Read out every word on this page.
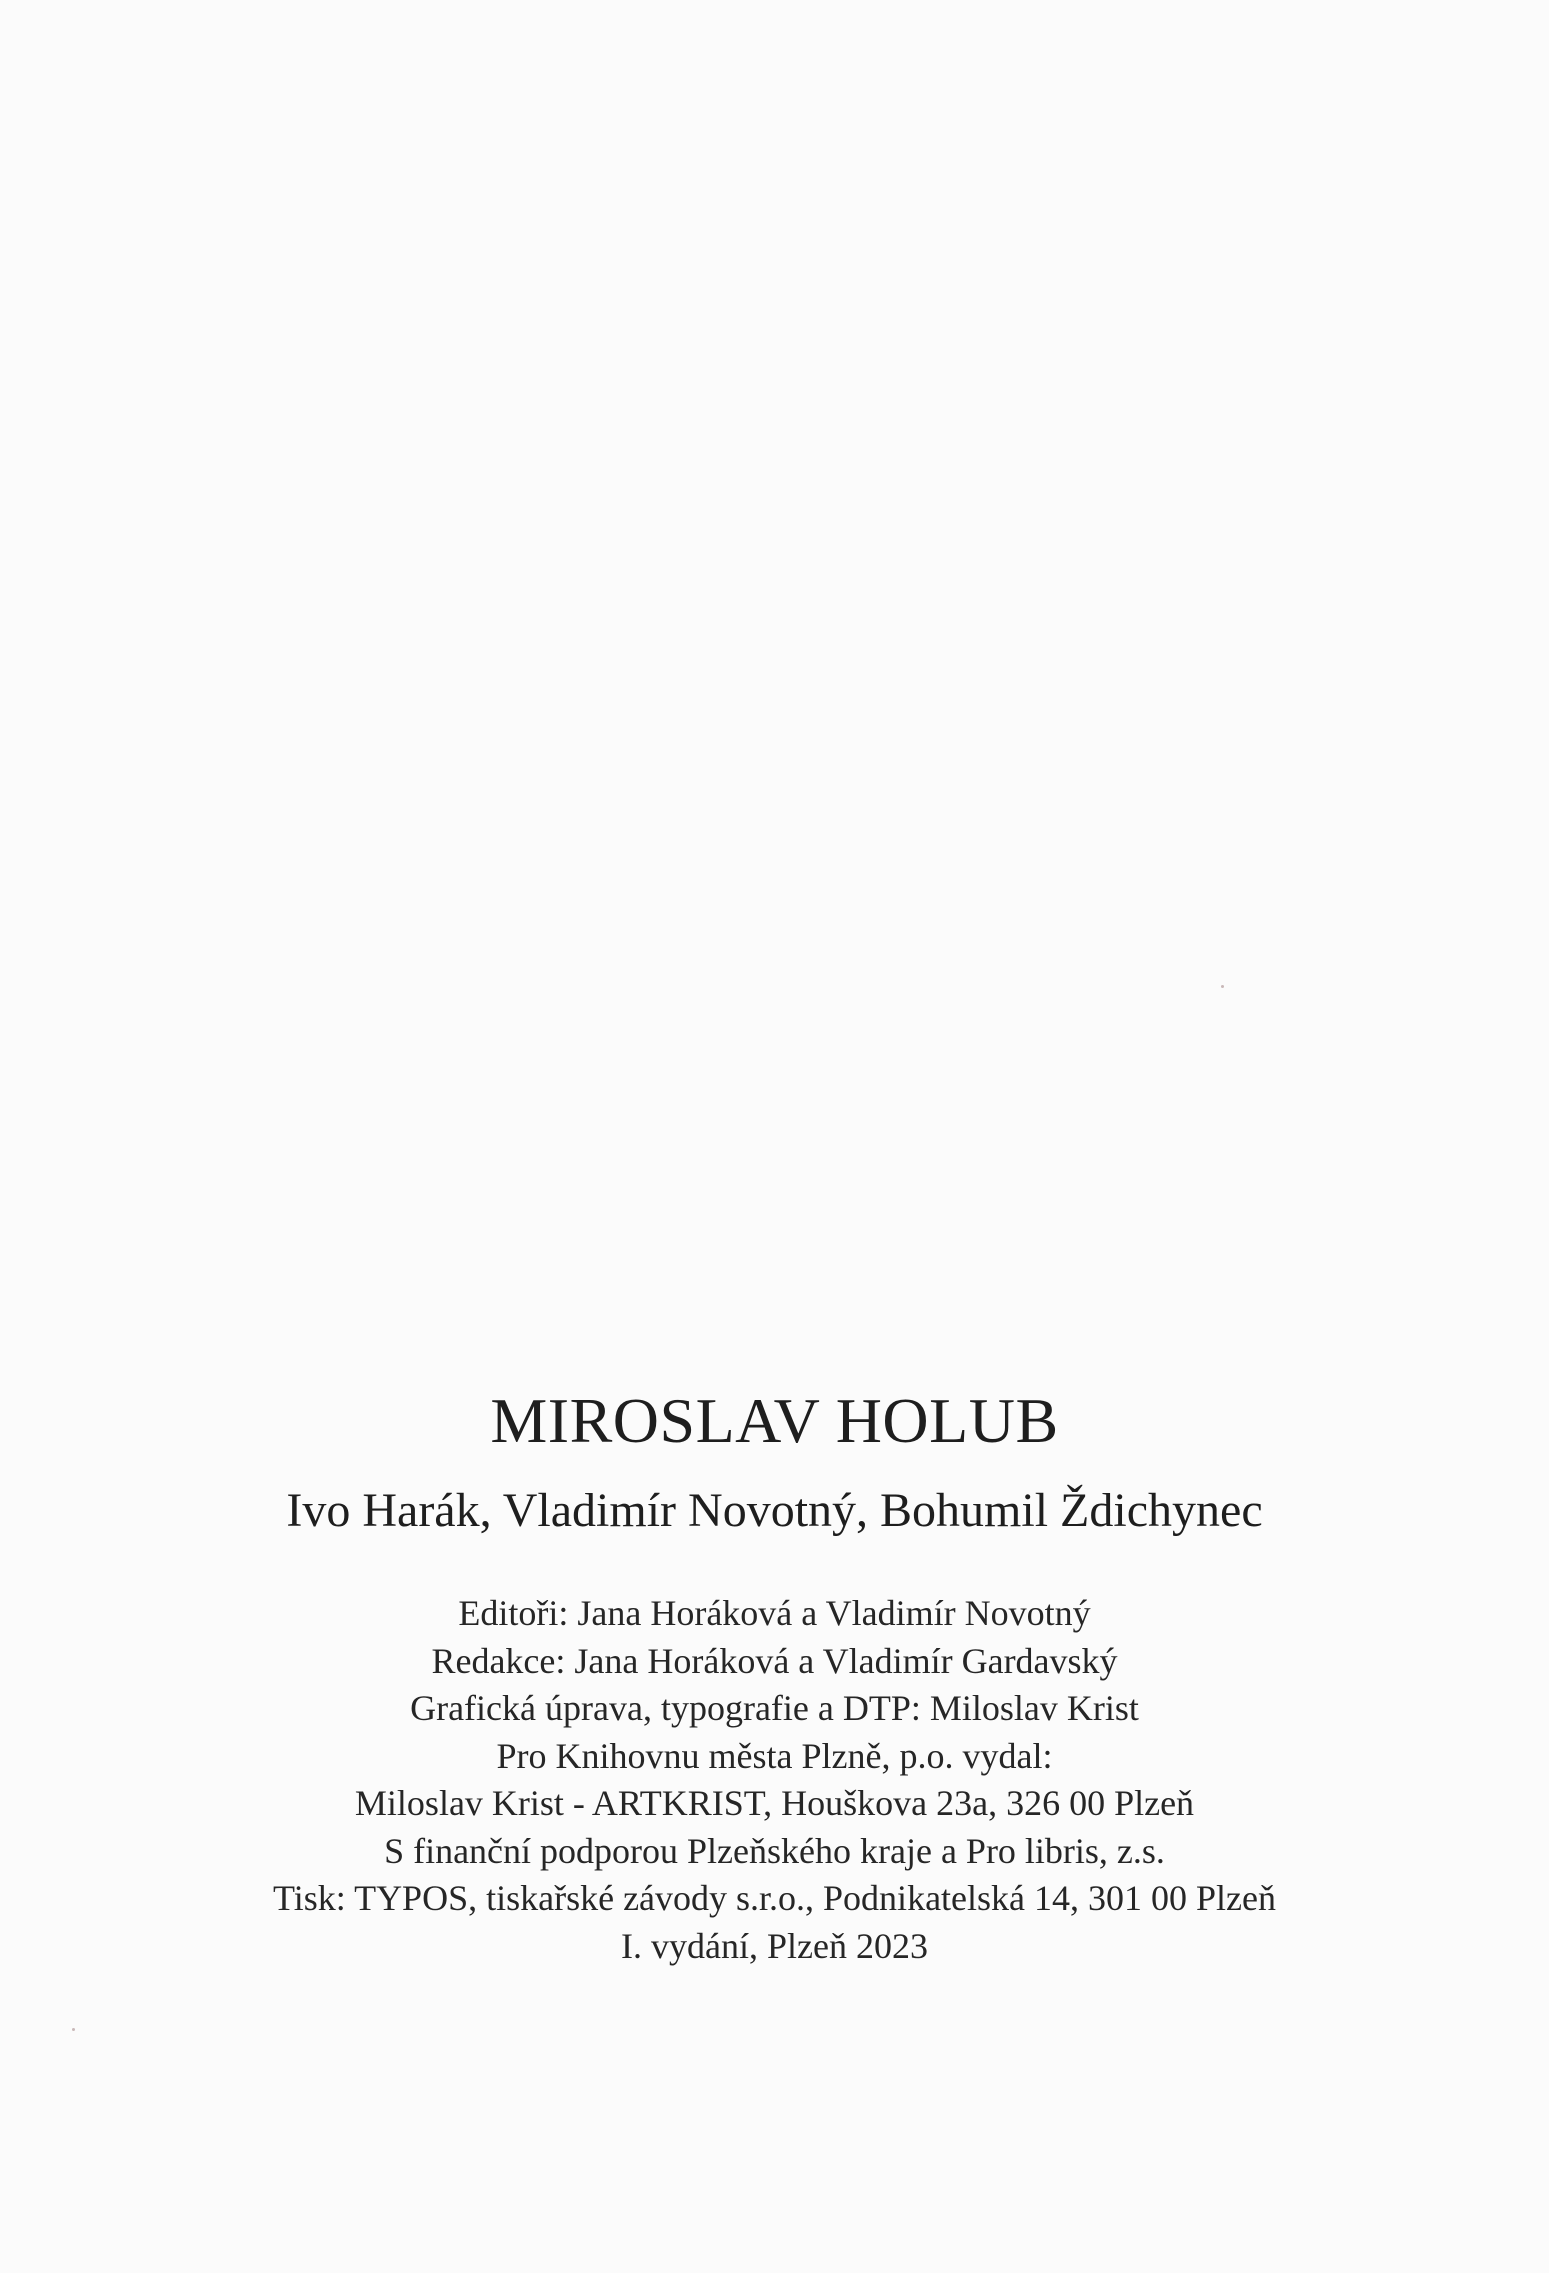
MIROSLAV HOLUB
Ivo Harák, Vladimír Novotný, Bohumil Ždichynec
Editoři: Jana Horáková a Vladimír Novotný
Redakce: Jana Horáková a Vladimír Gardavský
Grafická úprava, typografie a DTP: Miloslav Krist
Pro Knihovnu města Plzně, p.o. vydal:
Miloslav Krist - ARTKRIST, Houškova 23a, 326 00 Plzeň
S finanční podporou Plzeňského kraje a Pro libris, z.s.
Tisk: TYPOS, tiskařské závody s.r.o., Podnikatelská 14, 301 00 Plzeň
I. vydání, Plzeň 2023
